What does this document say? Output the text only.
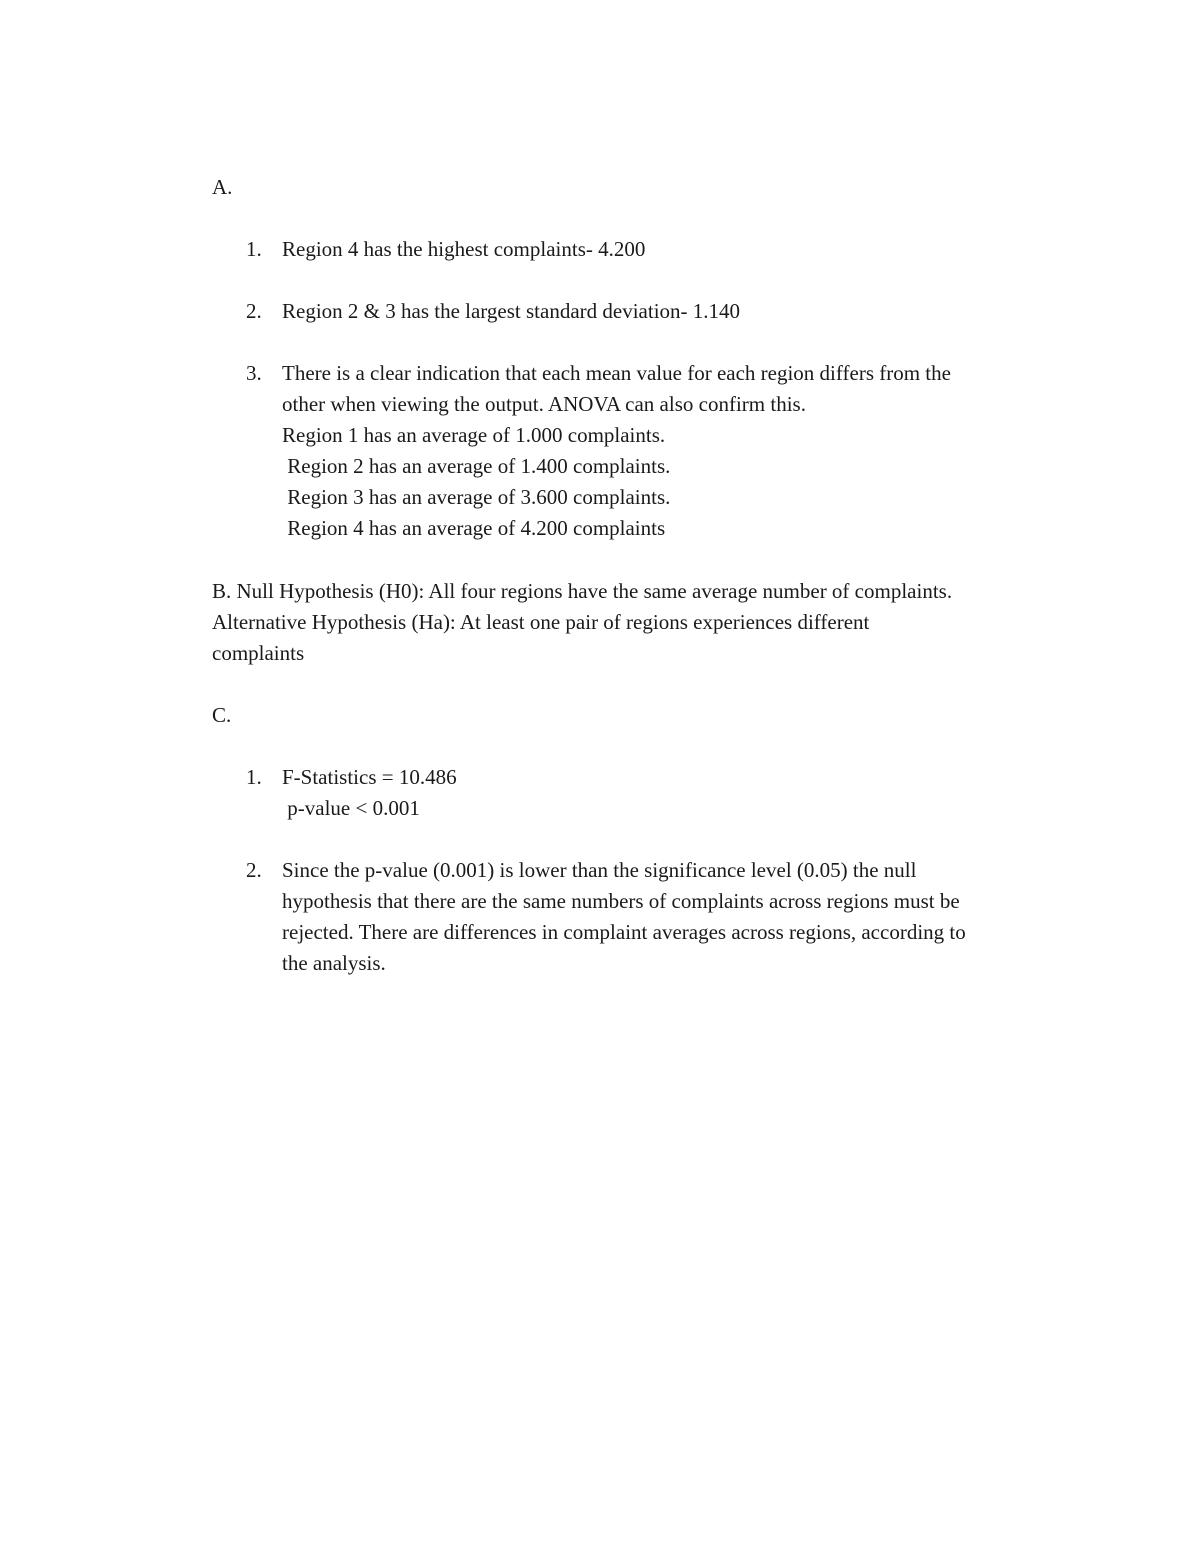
A.
1. Region 4 has the highest complaints- 4.200
2. Region 2 & 3 has the largest standard deviation- 1.140
3. There is a clear indication that each mean value for each region differs from the
other when viewing the output. ANOVA can also confirm this.
Region 1 has an average of 1.000 complaints.
Region 2 has an average of 1.400 complaints.
Region 3 has an average of 3.600 complaints.
Region 4 has an average of 4.200 complaints
B. Null Hypothesis (H0): All four regions have the same average number of complaints.
Alternative Hypothesis (Ha): At least one pair of regions experiences different
complaints
C.
1. F-Statistics = 10.486
p-value < 0.001
2. Since the p-value (0.001) is lower than the significance level (0.05) the null
hypothesis that there are the same numbers of complaints across regions must be
rejected. There are differences in complaint averages across regions, according to
the analysis.
